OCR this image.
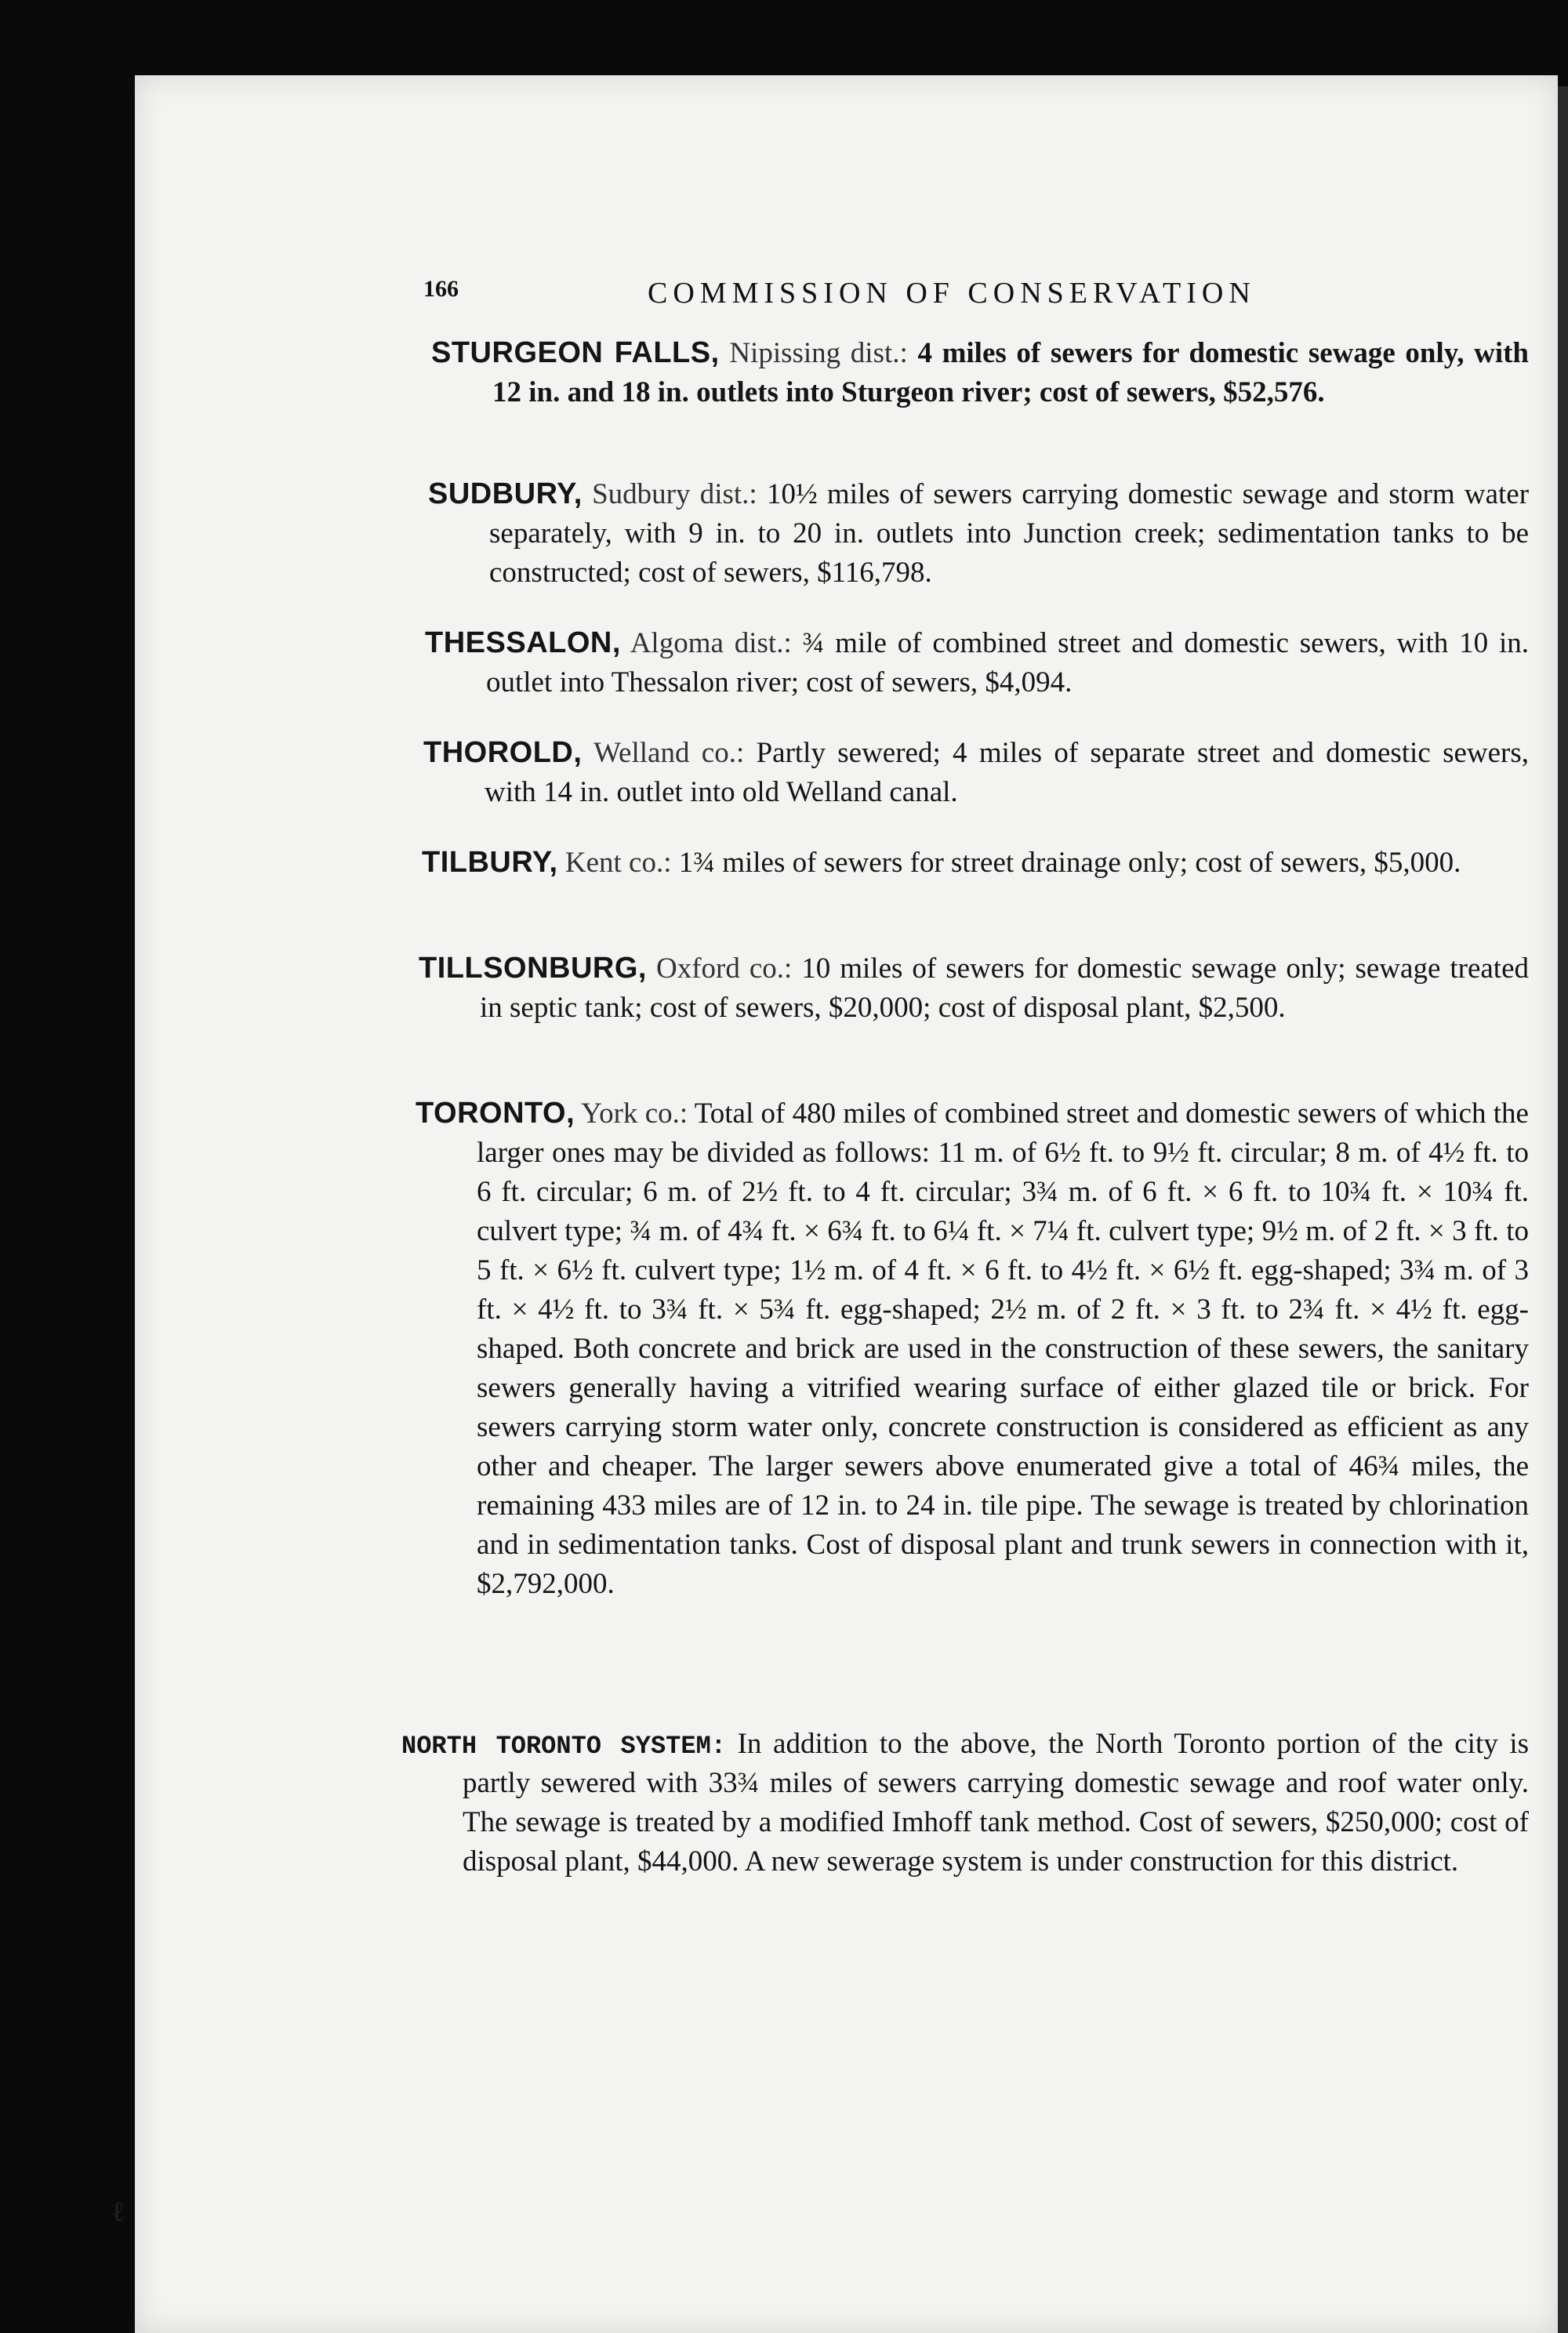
166	COMMISSION OF CONSERVATION
STURGEON FALLS, Nipissing dist.: 4 miles of sewers for domestic sewage only, with 12 in. and 18 in. outlets into Sturgeon river; cost of sewers, $52,576.
SUDBURY, Sudbury dist.: 10½ miles of sewers carrying domestic sewage and storm water separately, with 9 in. to 20 in. outlets into Junction creek; sedimentation tanks to be constructed; cost of sewers, $116,798.
THESSALON, Algoma dist.: ¾ mile of combined street and domestic sewers, with 10 in. outlet into Thessalon river; cost of sewers, $4,094.
THOROLD, Welland co.: Partly sewered; 4 miles of separate street and domestic sewers, with 14 in. outlet into old Welland canal.
TILBURY, Kent co.: 1¾ miles of sewers for street drainage only; cost of sewers, $5,000.
TILLSONBURG, Oxford co.: 10 miles of sewers for domestic sewage only; sewage treated in septic tank; cost of sewers, $20,000; cost of disposal plant, $2,500.
TORONTO, York co.: Total of 480 miles of combined street and domestic sewers of which the larger ones may be divided as follows: 11 m. of 6½ ft. to 9½ ft. circular; 8 m. of 4½ ft. to 6 ft. circular; 6 m. of 2½ ft. to 4 ft. circular; 3¾ m. of 6 ft. × 6 ft. to 10¾ ft. × 10¾ ft. culvert type; ¾ m. of 4¾ ft. × 6¾ ft. to 6¼ ft. × 7¼ ft. culvert type; 9½ m. of 2 ft. × 3 ft. to 5 ft. × 6½ ft. culvert type; 1½ m. of 4 ft. × 6 ft. to 4½ ft. × 6½ ft. egg-shaped; 3¾ m. of 3 ft. × 4½ ft. to 3¾ ft. × 5¾ ft. egg-shaped; 2½ m. of 2 ft. × 3 ft. to 2¾ ft. × 4½ ft. egg-shaped. Both concrete and brick are used in the construction of these sewers, the sanitary sewers generally having a vitrified wearing surface of either glazed tile or brick. For sewers carrying storm water only, concrete construction is considered as efficient as any other and cheaper. The larger sewers above enumerated give a total of 46¾ miles, the remaining 433 miles are of 12 in. to 24 in. tile pipe. The sewage is treated by chlorination and in sedimentation tanks. Cost of disposal plant and trunk sewers in connection with it, $2,792,000.
NORTH TORONTO SYSTEM: In addition to the above, the North Toronto portion of the city is partly sewered with 33¾ miles of sewers carrying domestic sewage and roof water only. The sewage is treated by a modified Imhoff tank method. Cost of sewers, $250,000; cost of disposal plant, $44,000. A new sewerage system is under construction for this district.
ℓ
